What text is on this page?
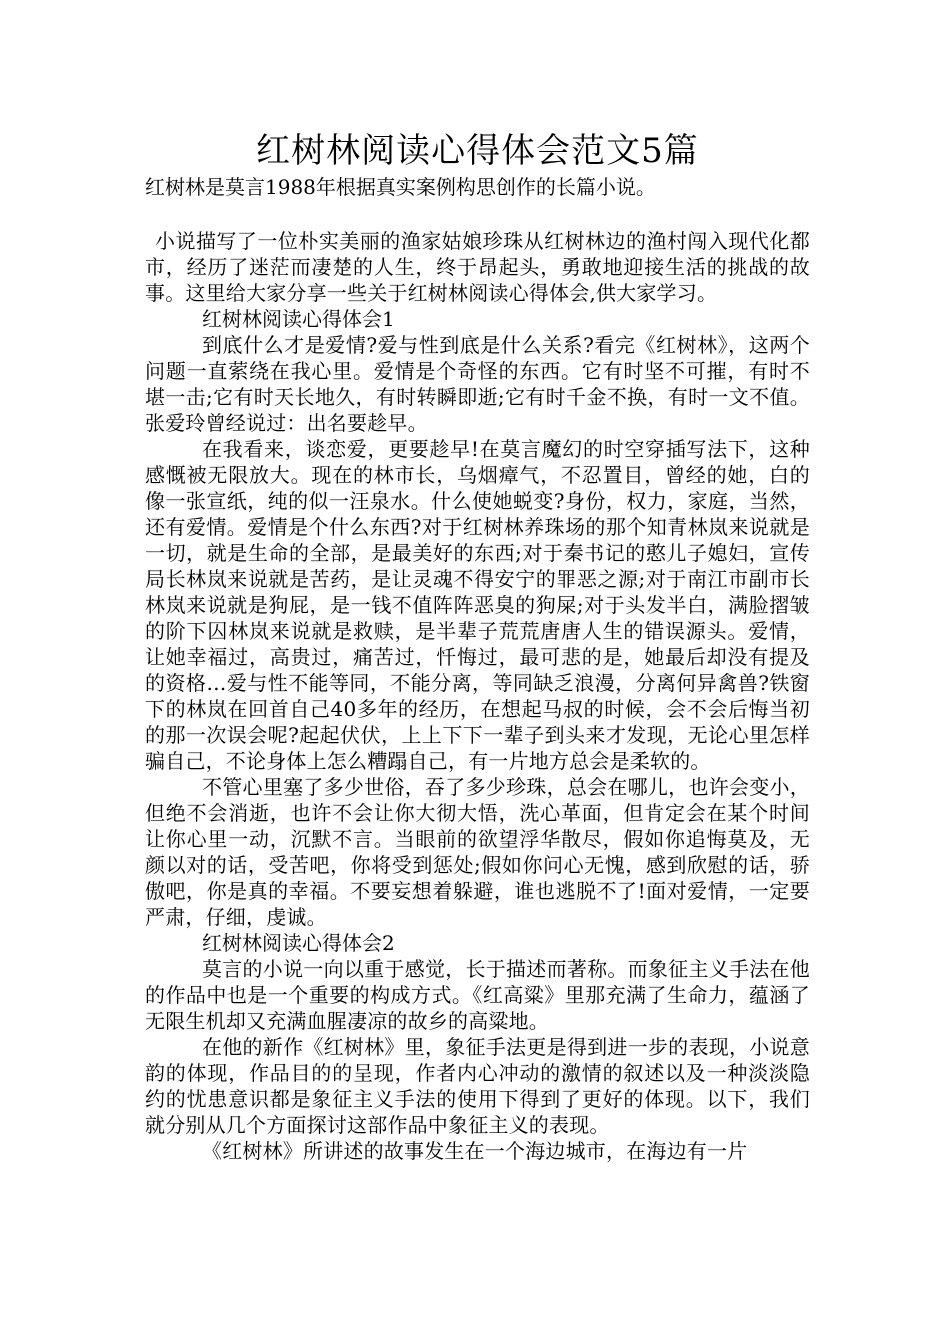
红树林阅读心得体会范文5篇

红树林是莫言1988年根据真实案例构思创作的长篇小说。

小说描写了一位朴实美丽的渔家姑娘珍珠从红树林边的渔村闯入现代化都市，经历了迷茫而凄楚的人生，终于昂起头，勇敢地迎接生活的挑战的故事。这里给大家分享一些关于红树林阅读心得体会,供大家学习。

红树林阅读心得体会1

到底什么才是爱情?爱与性到底是什么关系?看完《红树林》，这两个问题一直萦绕在我心里。爱情是个奇怪的东西。它有时坚不可摧，有时不堪一击;它有时天长地久，有时转瞬即逝;它有时千金不换，有时一文不值。张爱玲曾经说过：出名要趁早。

在我看来，谈恋爱，更要趁早!在莫言魔幻的时空穿插写法下，这种感慨被无限放大。现在的林市长，乌烟瘴气，不忍置目，曾经的她，白的像一张宣纸，纯的似一汪泉水。什么使她蜕变?身份，权力，家庭，当然，还有爱情。爱情是个什么东西?对于红树林养珠场的那个知青林岚来说就是一切，就是生命的全部，是最美好的东西;对于秦书记的憨儿子媳妇，宣传局长林岚来说就是苦药，是让灵魂不得安宁的罪恶之源;对于南江市副市长林岚来说就是狗屁，是一钱不值阵阵恶臭的狗屎;对于头发半白，满脸摺皱的阶下囚林岚来说就是救赎，是半辈子荒荒唐唐人生的错误源头。爱情，让她幸福过，高贵过，痛苦过，忏悔过，最可悲的是，她最后却没有提及的资格…爱与性不能等同，不能分离，等同缺乏浪漫，分离何异禽兽?铁窗下的林岚在回首自己40多年的经历，在想起马叔的时候，会不会后悔当初的那一次误会呢?起起伏伏，上上下下一辈子到头来才发现，无论心里怎样骗自己，不论身体上怎么糟蹋自己，有一片地方总会是柔软的。

不管心里塞了多少世俗，吞了多少珍珠，总会在哪儿，也许会变小，但绝不会消逝，也许不会让你大彻大悟，洗心革面，但肯定会在某个时间让你心里一动，沉默不言。当眼前的欲望浮华散尽，假如你追悔莫及，无颜以对的话，受苦吧，你将受到惩处;假如你问心无愧，感到欣慰的话，骄傲吧，你是真的幸福。不要妄想着躲避，谁也逃脱不了!面对爱情，一定要严肃，仔细，虔诚。

红树林阅读心得体会2

莫言的小说一向以重于感觉，长于描述而著称。而象征主义手法在他的作品中也是一个重要的构成方式。《红高粱》里那充满了生命力，蕴涵了无限生机却又充满血腥凄凉的故乡的高粱地。

在他的新作《红树林》里，象征手法更是得到进一步的表现，小说意韵的体现，作品目的的呈现，作者内心冲动的激情的叙述以及一种淡淡隐约的忧患意识都是象征主义手法的使用下得到了更好的体现。以下，我们就分别从几个方面探讨这部作品中象征主义的表现。

《红树林》所讲述的故事发生在一个海边城市，在海边有一片
